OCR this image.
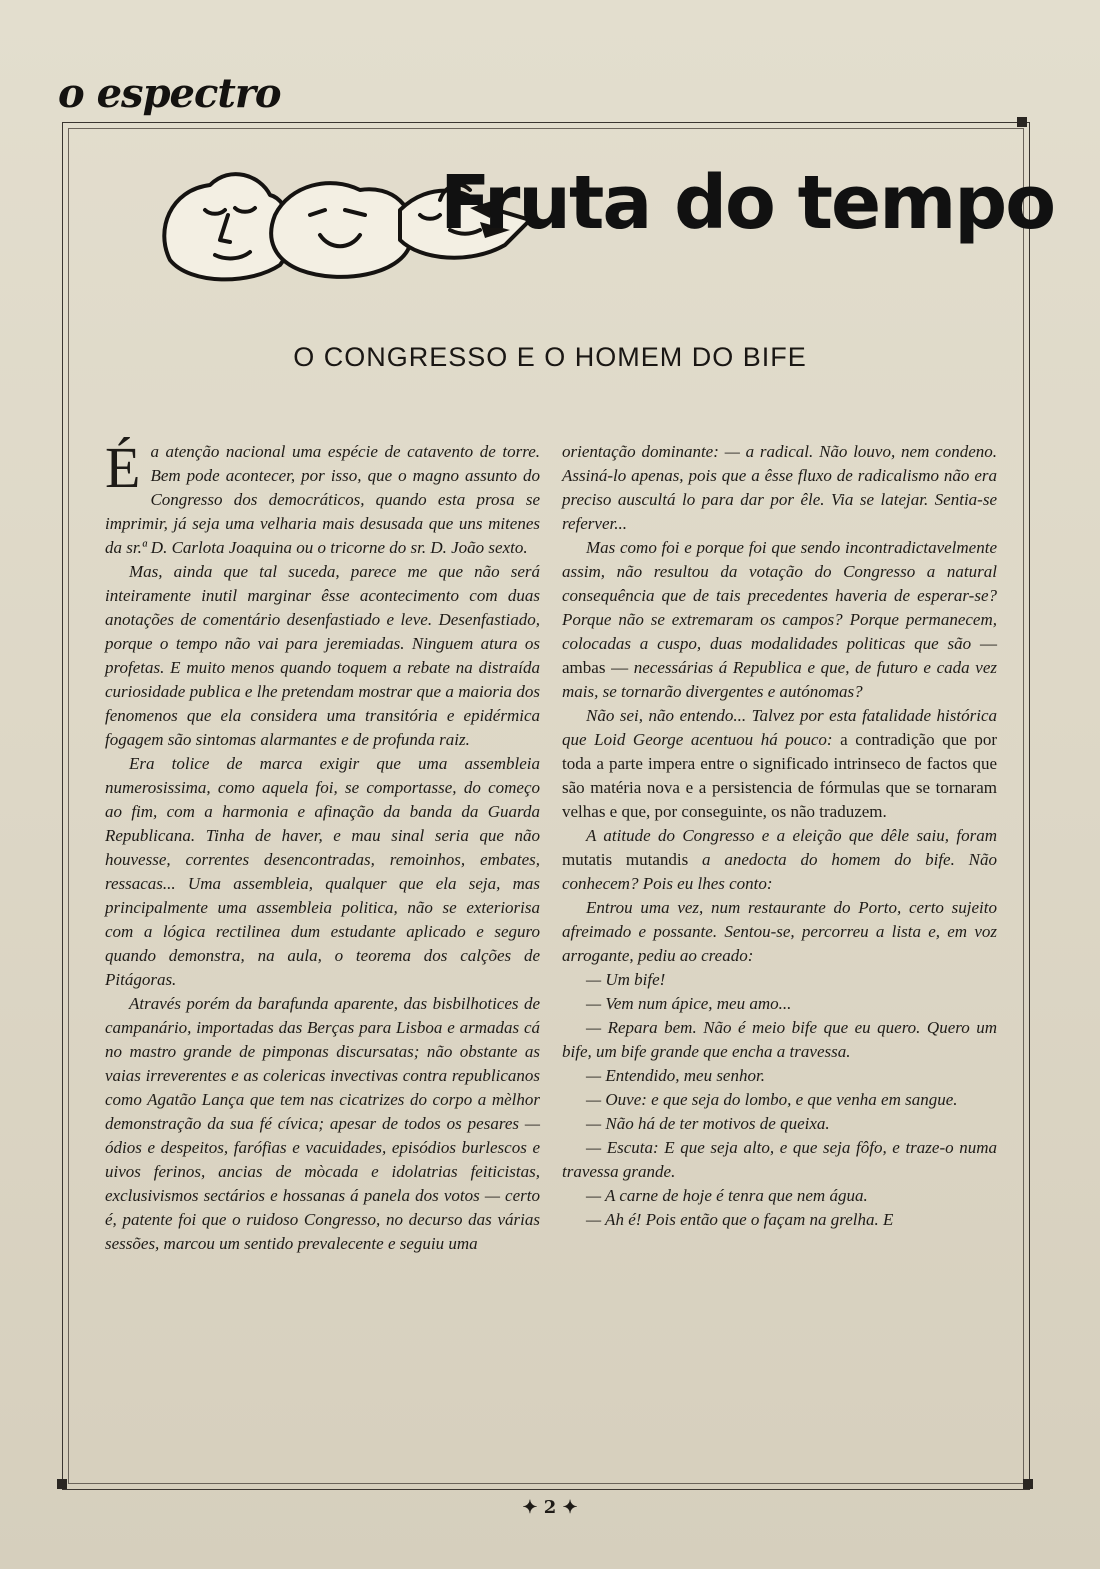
o espectro
Fruta do tempo
O CONGRESSO E O HOMEM DO BIFE

É a atenção nacional uma espécie de catavento de torre. Bem pode acontecer, por isso, que o magno assunto do Congresso dos democráticos, quando esta prosa se imprimir, já seja uma velharia mais desusada que uns mitenes da sr.ª D. Carlota Joaquina ou o tricorne do sr. D. João sexto.

Mas, ainda que tal suceda, parece me que não será inteiramente inutil marginar êsse acontecimento com duas anotações de comentário desenfastiado e leve. Desenfastiado, porque o tempo não vai para jeremiadas. Ninguem atura os profetas. E muito menos quando toquem a rebate na distraída curiosidade publica e lhe pretendam mostrar que a maioria dos fenomenos que ela considera uma transitória e epidérmica fogagem são sintomas alarmantes e de profunda raiz.

Era tolice de marca exigir que uma assembleia numerosissima, como aquela foi, se comportasse, do começo ao fim, com a harmonia e afinação da banda da Guarda Republicana. Tinha de haver, e mau sinal seria que não houvesse, correntes desencontradas, remoinhos, embates, ressacas... Uma assembleia, qualquer que ela seja, mas principalmente uma assembleia politica, não se exteriorisa com a lógica rectilinea dum estudante aplicado e seguro quando demonstra, na aula, o teorema dos calções de Pitágoras.

Através porém da barafunda aparente, das bisbilhotices de campanário, importadas das Berças para Lisboa e armadas cá no mastro grande de pimponas discursatas; não obstante as vaias irreverentes e as colericas invectivas contra republicanos como Agatão Lança que tem nas cicatrizes do corpo a mèlhor demonstração da sua fé cívica; apesar de todos os pesares — ódios e despeitos, farófias e vacuidades, episódios burlescos e uivos ferinos, ancias de mòcada e idolatrias feiticistas, exclusivismos sectários e hossanas á panela dos votos — certo é, patente foi que o ruidoso Congresso, no decurso das várias sessões, marcou um sentido prevalecente e seguiu uma

orientação dominante: — a radical. Não louvo, nem condeno. Assiná-lo apenas, pois que a êsse fluxo de radicalismo não era preciso auscultá lo para dar por êle. Via se latejar. Sentia-se referver...

Mas como foi e porque foi que sendo incontradictavelmente assim, não resultou da votação do Congresso a natural consequência que de tais precedentes haveria de esperar-se? Porque não se extremaram os campos? Porque permanecem, colocadas a cuspo, duas modalidades politicas que são — ambas — necessárias á Republica e que, de futuro e cada vez mais, se tornarão divergentes e autónomas?

Não sei, não entendo... Talvez por esta fatalidade histórica que Loid George acentuou há pouco: a contradição que por toda a parte impera entre o significado intrinseco de factos que são matéria nova e a persistencia de fórmulas que se tornaram velhas e que, por conseguinte, os não traduzem.

A atitude do Congresso e a eleição que dêle saiu, foram mutatis mutandis a anedocta do homem do bife. Não conhecem? Pois eu lhes conto:

Entrou uma vez, num restaurante do Porto, certo sujeito afreimado e possante. Sentou-se, percorreu a lista e, em voz arrogante, pediu ao creado:

— Um bife!

— Vem num ápice, meu amo...

— Repara bem. Não é meio bife que eu quero. Quero um bife, um bife grande que encha a travessa.

— Entendido, meu senhor.

— Ouve: e que seja do lombo, e que venha em sangue.

— Não há de ter motivos de queixa.

— Escuta: E que seja alto, e que seja fôfo, e traze-o numa travessa grande.

— A carne de hoje é tenra que nem água.

— Ah é! Pois então que o façam na grelha. E

✦ 2 ✦
